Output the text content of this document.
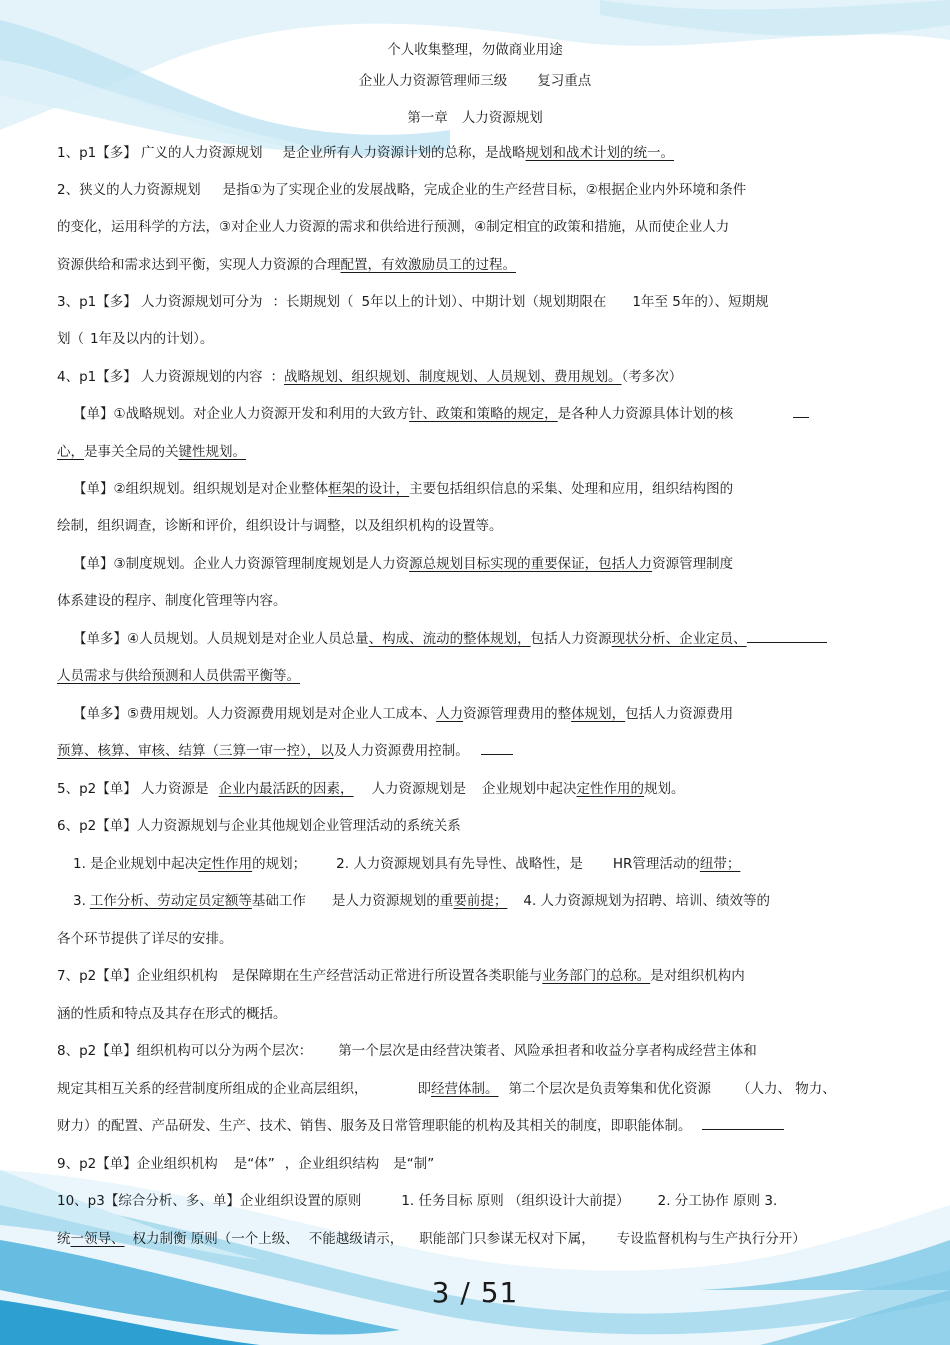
个人收集整理，勿做商业用途
企业人力资源管理师三级 复习重点
第一章 人力资源规划
1、p1【多】 广义的人力资源规划 是企业所有人力资源计划的总称，是战略规划和战术计划的统一。
2、狭义的人力资源规划 是指①为了实现企业的发展战略，完成企业的生产经营目标，②根据企业内外环境和条件
的变化，运用科学的方法，③对企业人力资源的需求和供给进行预测，④制定相宜的政策和措施，从而使企业人力
资源供给和需求达到平衡，实现人力资源的合理配置，有效激励员工的过程。
3、p1【多】 人力资源规划可分为 ：长期规划（ 5年以上的计划）、中期计划（规划期限在 1年至 5年的）、短期规
划（ 1年及以内的计划）。
4、p1【多】 人力资源规划的内容 ：战略规划、组织规划、制度规划、人员规划、费用规划。（考多次）
【单】①战略规划。对企业人力资源开发和利用的大致方针、政策和策略的规定，是各种人力资源具体计划的核
心，是事关全局的关键性规划。
【单】②组织规划。组织规划是对企业整体框架的设计，主要包括组织信息的采集、处理和应用，组织结构图的
绘制，组织调查，诊断和评价，组织设计与调整，以及组织机构的设置等。
【单】③制度规划。企业人力资源管理制度规划是人力资源总规划目标实现的重要保证，包括人力资源管理制度
体系建设的程序、制度化管理等内容。
【单多】④人员规划。人员规划是对企业人员总量、构成、流动的整体规划，包括人力资源现状分析、企业定员、
人员需求与供给预测和人员供需平衡等。
【单多】⑤费用规划。人力资源费用规划是对企业人工成本、人力资源管理费用的整体规划，包括人力资源费用
预算、核算、审核、结算（三算一审一控），以及人力资源费用控制。
5、p2【单】 人力资源是 企业内最活跃的因素， 人力资源规划是 企业规划中起决定性作用的规划。
6、p2【单】人力资源规划与企业其他规划企业管理活动的系统关系
1. 是企业规划中起决定性作用的规划； 2. 人力资源规划具有先导性、战略性，是 HR管理活动的纽带；
3. 工作分析、劳动定员定额等基础工作 是人力资源规划的重要前提； 4. 人力资源规划为招聘、培训、绩效等的
各个环节提供了详尽的安排。
7、p2【单】企业组织机构 是保障期在生产经营活动正常进行所设置各类职能与业务部门的总称。是对组织机构内
涵的性质和特点及其存在形式的概括。
8、p2【单】组织机构可以分为两个层次： 第一个层次是由经营决策者、风险承担者和收益分享者构成经营主体和
规定其相互关系的经营制度所组成的企业高层组织，	即经营体制。 第二个层次是负责筹集和优化资源 （人力、 物力、
财力）的配置、产品研发、生产、技术、销售、服务及日常管理职能的机构及其相关的制度，即职能体制。
9、p2【单】企业组织机构 是“体” ，企业组织结构 是“制”
10、p3【综合分析、多、单】企业组织设置的原则	1. 任务目标 原则 （组织设计大前提） 2. 分工协作 原则 3.
统一领导、 权力制衡 原则（一个上级、 不能越级请示， 职能部门只参谋无权对下属， 专设监督机构与生产执行分开）
3 / 51
